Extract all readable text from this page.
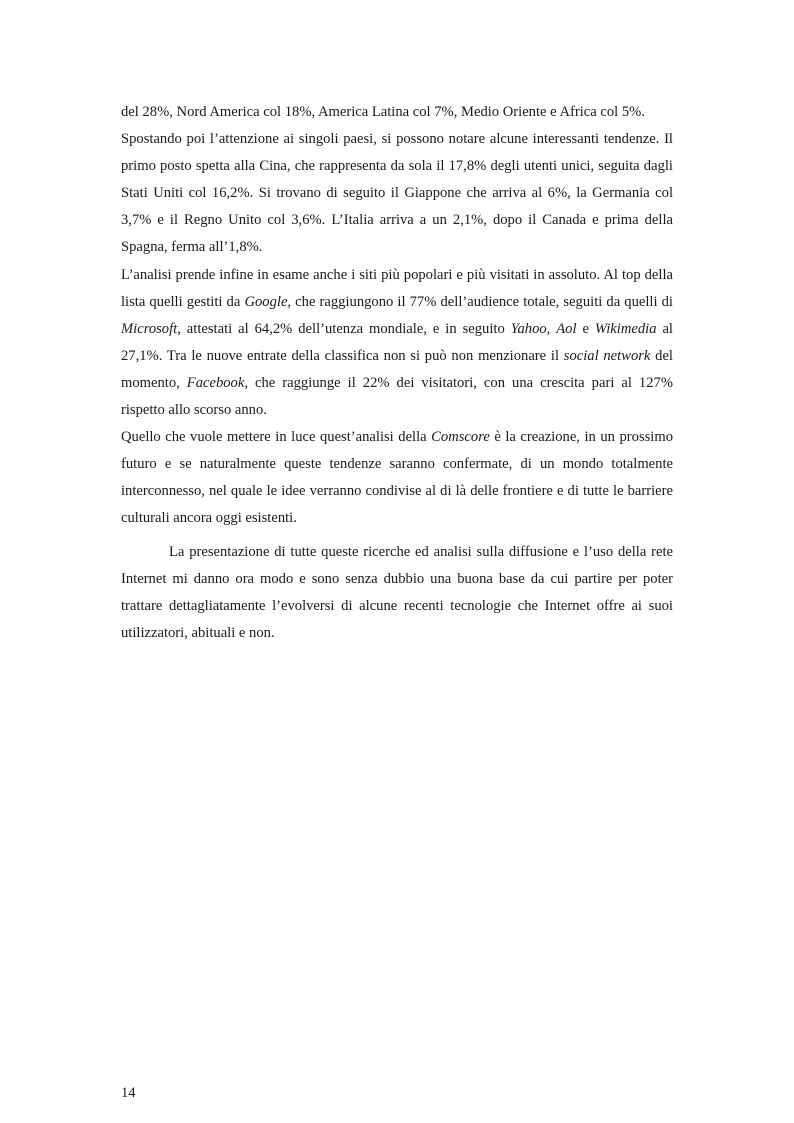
del 28%, Nord America col 18%, America Latina col 7%, Medio Oriente e Africa col 5%.

Spostando poi l’attenzione ai singoli paesi, si possono notare alcune interessanti tendenze. Il primo posto spetta alla Cina, che rappresenta da sola il 17,8% degli utenti unici, seguita dagli Stati Uniti col 16,2%. Si trovano di seguito il Giappone che arriva al 6%, la Germania col 3,7% e il Regno Unito col 3,6%. L’Italia arriva a un 2,1%, dopo il Canada e prima della Spagna, ferma all’1,8%.

L’analisi prende infine in esame anche i siti più popolari e più visitati in assoluto. Al top della lista quelli gestiti da Google, che raggiungono il 77% dell’audience totale, seguiti da quelli di Microsoft, attestati al 64,2% dell’utenza mondiale, e in seguito Yahoo, Aol e Wikimedia al 27,1%. Tra le nuove entrate della classifica non si può non menzionare il social network del momento, Facebook, che raggiunge il 22% dei visitatori, con una crescita pari al 127% rispetto allo scorso anno.

Quello che vuole mettere in luce quest’analisi della Comscore è la creazione, in un prossimo futuro e se naturalmente queste tendenze saranno confermate, di un mondo totalmente interconnesso, nel quale le idee verranno condivise al di là delle frontiere e di tutte le barriere culturali ancora oggi esistenti.

La presentazione di tutte queste ricerche ed analisi sulla diffusione e l’uso della rete Internet mi danno ora modo e sono senza dubbio una buona base da cui partire per poter trattare dettagliatamente l’evolversi di alcune recenti tecnologie che Internet offre ai suoi utilizzatori, abituali e non.

14
